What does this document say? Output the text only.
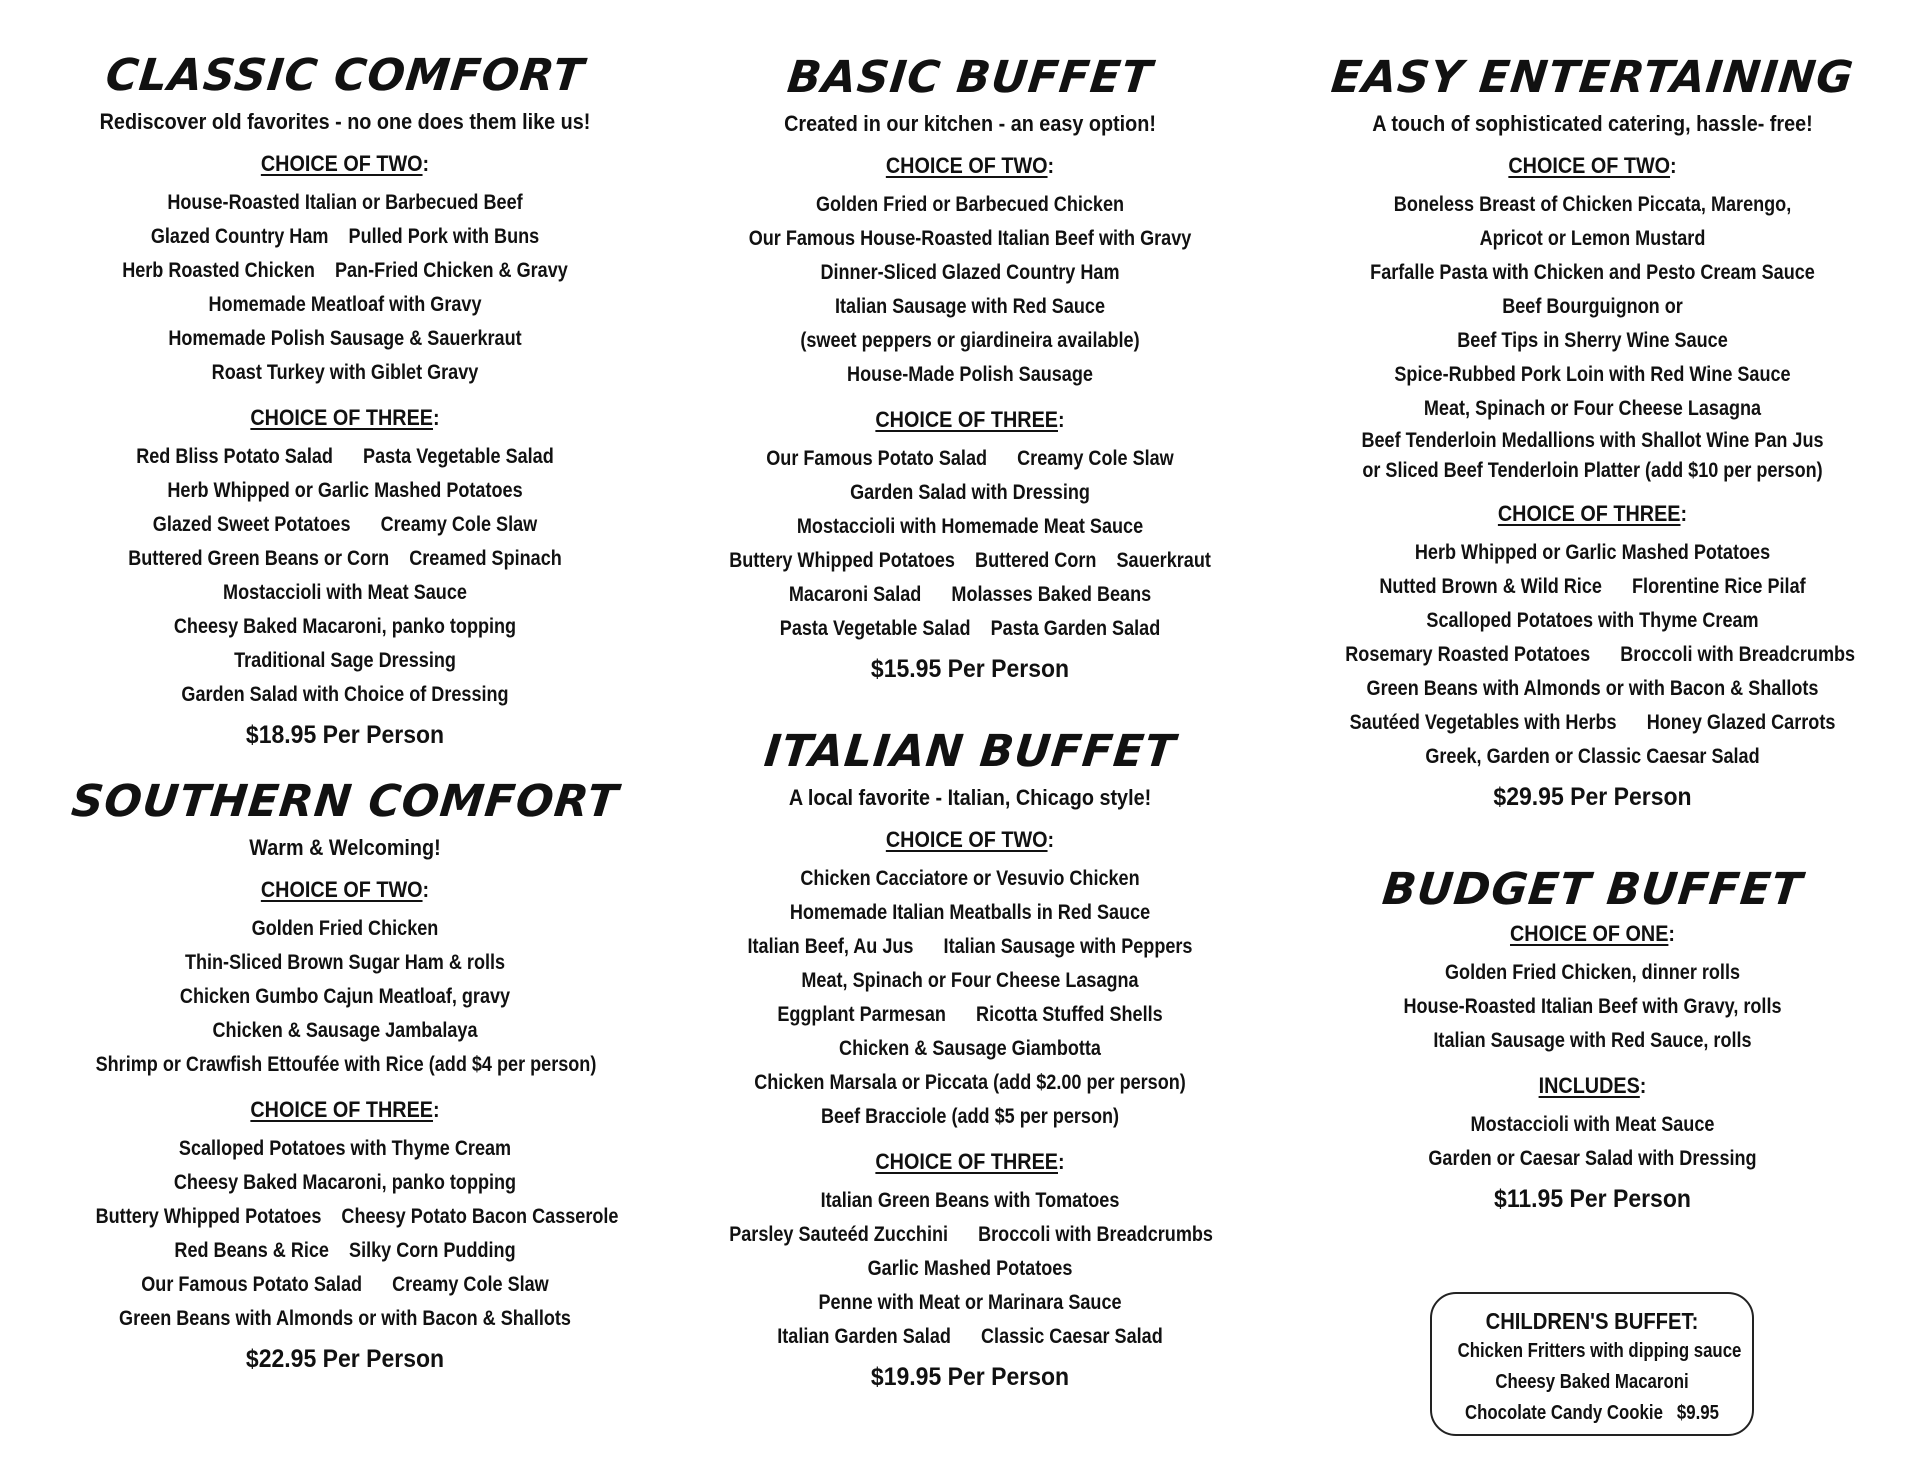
CLASSIC COMFORT
Rediscover old favorites - no one does them like us!
CHOICE OF TWO:
House-Roasted Italian or Barbecued Beef
Glazed Country Ham    Pulled Pork with Buns
Herb Roasted Chicken    Pan-Fried Chicken & Gravy
Homemade Meatloaf with Gravy
Homemade Polish Sausage & Sauerkraut
Roast Turkey with Giblet Gravy
CHOICE OF THREE:
Red Bliss Potato Salad      Pasta Vegetable Salad
Herb Whipped or Garlic Mashed Potatoes
Glazed Sweet Potatoes      Creamy Cole Slaw
Buttered Green Beans or Corn    Creamed Spinach
Mostaccioli with Meat Sauce
Cheesy Baked Macaroni, panko topping
Traditional Sage Dressing
Garden Salad with Choice of Dressing
$18.95 Per Person
SOUTHERN COMFORT
Warm & Welcoming!
CHOICE OF TWO:
Golden Fried Chicken
Thin-Sliced Brown Sugar Ham & rolls
Chicken Gumbo Cajun Meatloaf, gravy
Chicken & Sausage Jambalaya
Shrimp or Crawfish Ettoufée with Rice (add $4 per person)
CHOICE OF THREE:
Scalloped Potatoes with Thyme Cream
Cheesy Baked Macaroni, panko topping
Buttery Whipped Potatoes    Cheesy Potato Bacon Casserole
Red Beans & Rice    Silky Corn Pudding
Our Famous Potato Salad      Creamy Cole Slaw
Green Beans with Almonds or with Bacon & Shallots
$22.95 Per Person
BASIC BUFFET
Created in our kitchen - an easy option!
CHOICE OF TWO:
Golden Fried or Barbecued Chicken
Our Famous House-Roasted Italian Beef with Gravy
Dinner-Sliced Glazed Country Ham
Italian Sausage with Red Sauce
(sweet peppers or giardineira available)
House-Made Polish Sausage
CHOICE OF THREE:
Our Famous Potato Salad      Creamy Cole Slaw
Garden Salad with Dressing
Mostaccioli with Homemade Meat Sauce
Buttery Whipped Potatoes    Buttered Corn    Sauerkraut
Macaroni Salad      Molasses Baked Beans
Pasta Vegetable Salad    Pasta Garden Salad
$15.95 Per Person
ITALIAN BUFFET
A local favorite - Italian, Chicago style!
CHOICE OF TWO:
Chicken Cacciatore or Vesuvio Chicken
Homemade Italian Meatballs in Red Sauce
Italian Beef, Au Jus      Italian Sausage with Peppers
Meat, Spinach or Four Cheese Lasagna
Eggplant Parmesan      Ricotta Stuffed Shells
Chicken & Sausage Giambotta
Chicken Marsala or Piccata (add $2.00 per person)
Beef Bracciole (add $5 per person)
CHOICE OF THREE:
Italian Green Beans with Tomatoes
Parsley Sauteéd Zucchini      Broccoli with Breadcrumbs
Garlic Mashed Potatoes
Penne with Meat or Marinara Sauce
Italian Garden Salad      Classic Caesar Salad
$19.95 Per Person
EASY ENTERTAINING
A touch of sophisticated catering, hassle- free!
CHOICE OF TWO:
Boneless Breast of Chicken Piccata, Marengo,
Apricot or Lemon Mustard
Farfalle Pasta with Chicken and Pesto Cream Sauce
Beef Bourguignon or
Beef Tips in Sherry Wine Sauce
Spice-Rubbed Pork Loin with Red Wine Sauce
Meat, Spinach or Four Cheese Lasagna
Beef Tenderloin Medallions with Shallot Wine Pan Jus
or Sliced Beef Tenderloin Platter (add $10 per person)
CHOICE OF THREE:
Herb Whipped or Garlic Mashed Potatoes
Nutted Brown & Wild Rice      Florentine Rice Pilaf
Scalloped Potatoes with Thyme Cream
Rosemary Roasted Potatoes      Broccoli with Breadcrumbs
Green Beans with Almonds or with Bacon & Shallots
Sautéed Vegetables with Herbs      Honey Glazed Carrots
Greek, Garden or Classic Caesar Salad
$29.95 Per Person
BUDGET BUFFET
CHOICE OF ONE:
Golden Fried Chicken, dinner rolls
House-Roasted Italian Beef with Gravy, rolls
Italian Sausage with Red Sauce, rolls
INCLUDES:
Mostaccioli with Meat Sauce
Garden or Caesar Salad with Dressing
$11.95 Per Person
CHILDREN'S BUFFET:
Chicken Fritters with dipping sauce
Cheesy Baked Macaroni
Chocolate Candy Cookie   $9.95
